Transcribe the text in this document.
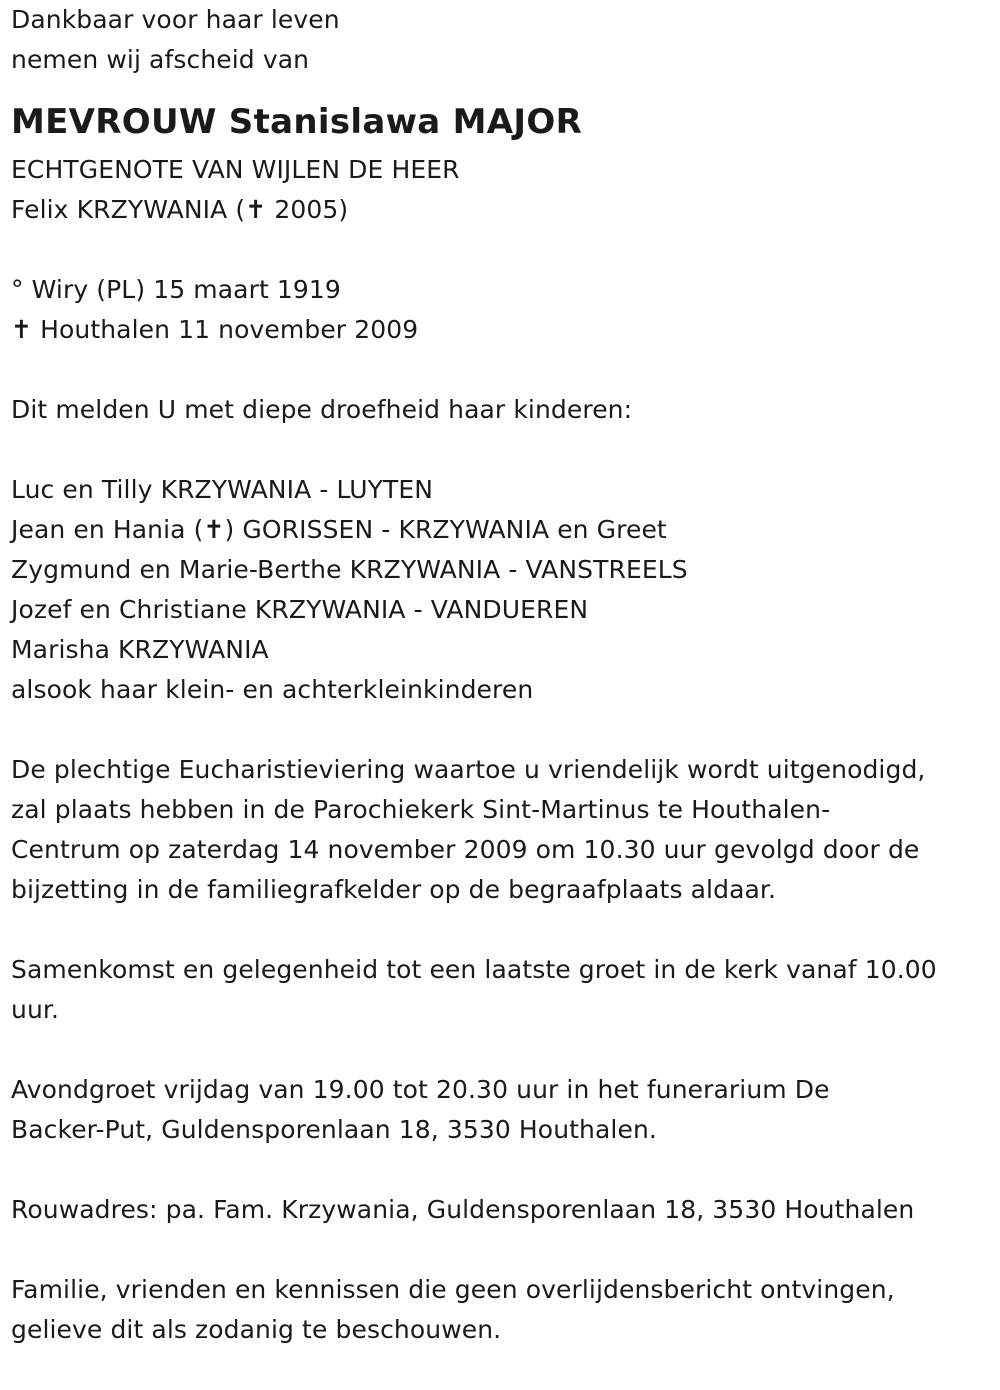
Dankbaar voor haar leven
nemen wij afscheid van
MEVROUW Stanislawa MAJOR
ECHTGENOTE VAN WIJLEN DE HEER
Felix KRZYWANIA (✝ 2005)
° Wiry (PL) 15 maart 1919
✝ Houthalen 11 november 2009
Dit melden U met diepe droefheid haar kinderen:
Luc en Tilly KRZYWANIA - LUYTEN
Jean en Hania (✝) GORISSEN - KRZYWANIA en Greet
Zygmund en Marie-Berthe KRZYWANIA - VANSTREELS
Jozef en Christiane KRZYWANIA - VANDUEREN
Marisha KRZYWANIA
alsook haar klein- en achterkleinkinderen
De plechtige Eucharistieviering waartoe u vriendelijk wordt uitgenodigd,
zal plaats hebben in de Parochiekerk Sint-Martinus te Houthalen-
Centrum op zaterdag 14 november 2009 om 10.30 uur gevolgd door de
bijzetting in de familiegrafkelder op de begraafplaats aldaar.
Samenkomst en gelegenheid tot een laatste groet in de kerk vanaf 10.00
uur.
Avondgroet vrijdag van 19.00 tot 20.30 uur in het funerarium De
Backer-Put, Guldensporenlaan 18, 3530 Houthalen.
Rouwadres: pa. Fam. Krzywania, Guldensporenlaan 18, 3530 Houthalen
Familie, vrienden en kennissen die geen overlijdensbericht ontvingen,
gelieve dit als zodanig te beschouwen.
